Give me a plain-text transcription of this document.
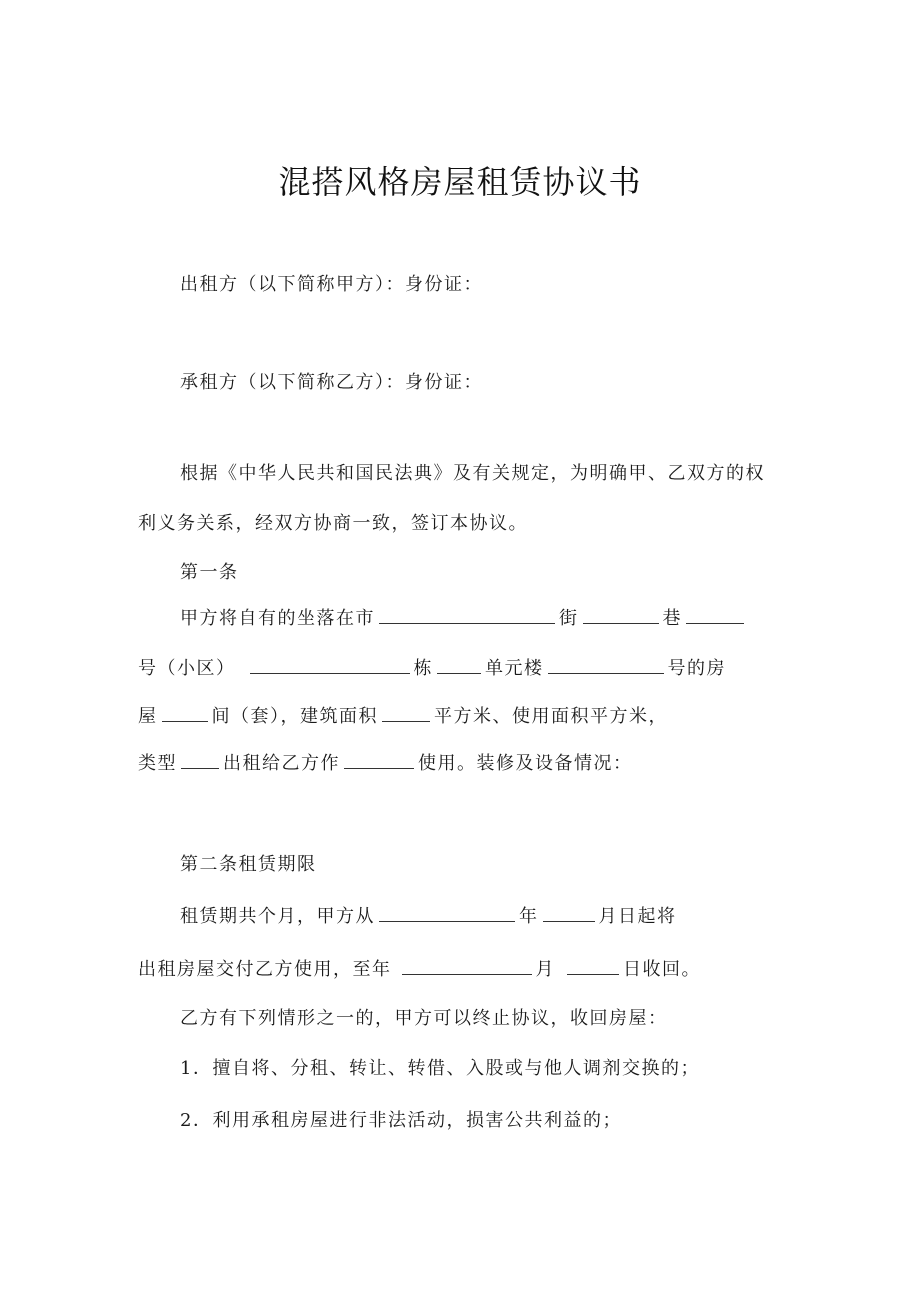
混搭风格房屋租赁协议书
出租方（以下简称甲方）：身份证：
承租方（以下简称乙方）：身份证：
根据《中华人民共和国民法典》及有关规定，为明确甲、乙双方的权
利义务关系，经双方协商一致，签订本协议。
第一条
甲方将自有的坐落在市	街	巷
号（小区）	栋	单元楼	号的房
屋	间（套），建筑面积	平方米、使用面积平方米，
类型	出租给乙方作	使用。装修及设备情况：
第二条租赁期限
租赁期共个月，甲方从	年	月日起将
出租房屋交付乙方使用，至年	月	日收回。
乙方有下列情形之一的，甲方可以终止协议，收回房屋：
1．擅自将、分租、转让、转借、入股或与他人调剂交换的；
2．利用承租房屋进行非法活动，损害公共利益的；
